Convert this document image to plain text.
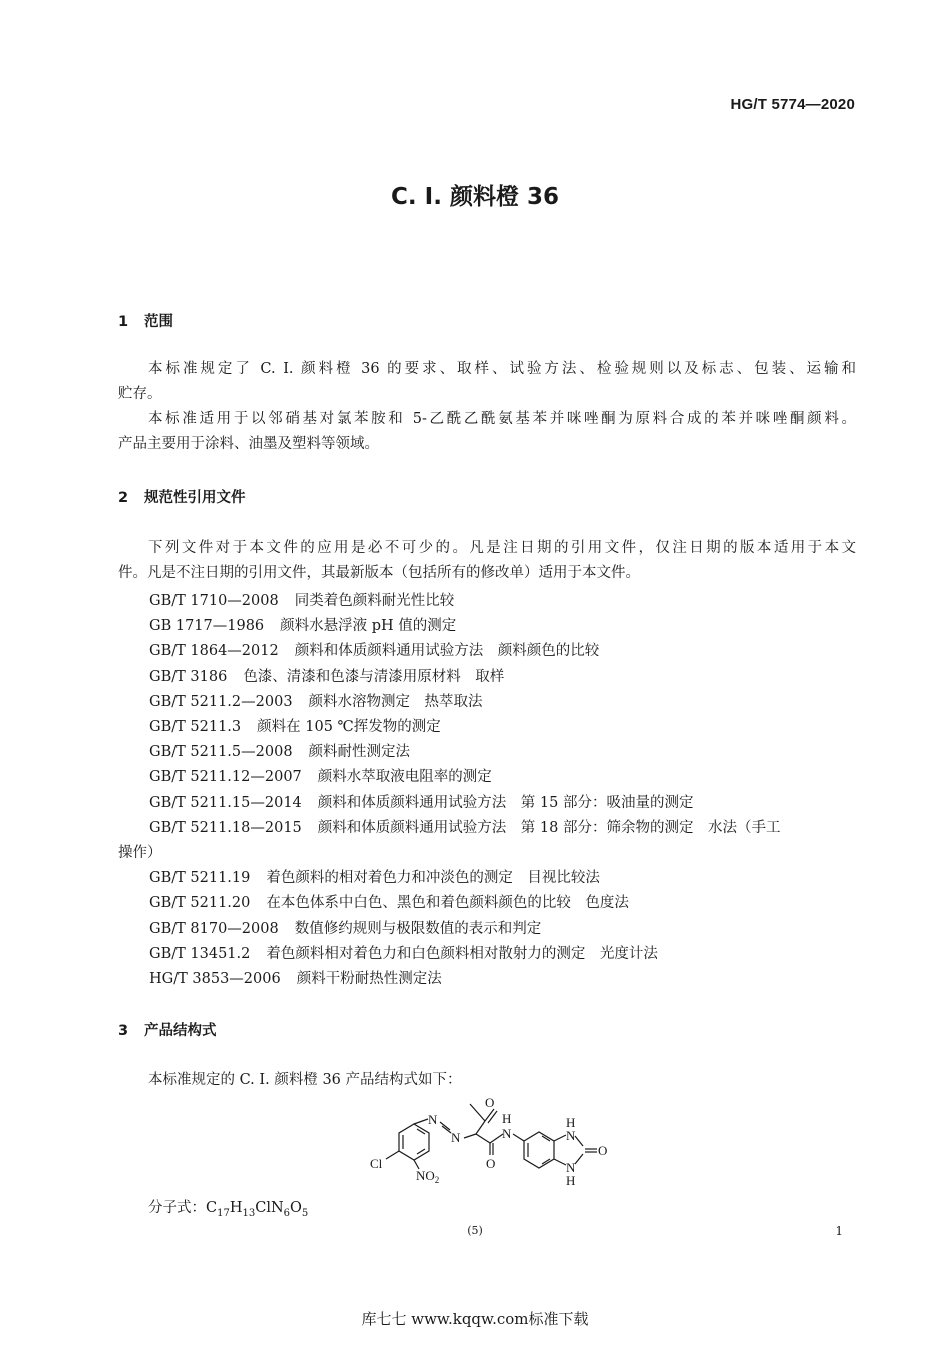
HG/T 5774—2020
C. I. 颜料橙 36
1 范围
本标准规定了 C. I. 颜料橙 36 的要求、取样、试验方法、检验规则以及标志、包装、运输和
贮存。
本标准适用于以邻硝基对氯苯胺和 5-乙酰乙酰氨基苯并咪唑酮为原料合成的苯并咪唑酮颜料。
产品主要用于涂料、油墨及塑料等领域。
2 规范性引用文件
下列文件对于本文件的应用是必不可少的。凡是注日期的引用文件，仅注日期的版本适用于本文
件。凡是不注日期的引用文件，其最新版本（包括所有的修改单）适用于本文件。
GB/T 1710—2008 同类着色颜料耐光性比较
GB 1717—1986 颜料水悬浮液 pH 值的测定
GB/T 1864—2012 颜料和体质颜料通用试验方法　颜料颜色的比较
GB/T 3186 色漆、清漆和色漆与清漆用原材料　取样
GB/T 5211.2—2003 颜料水溶物测定　热萃取法
GB/T 5211.3 颜料在 105 ℃挥发物的测定
GB/T 5211.5—2008 颜料耐性测定法
GB/T 5211.12—2007 颜料水萃取液电阻率的测定
GB/T 5211.15—2014 颜料和体质颜料通用试验方法　第 15 部分：吸油量的测定
GB/T 5211.18—2015 颜料和体质颜料通用试验方法　第 18 部分：筛余物的测定　水法（手工
操作）
GB/T 5211.19 着色颜料的相对着色力和冲淡色的测定　目视比较法
GB/T 5211.20 在本色体系中白色、黑色和着色颜料颜色的比较　色度法
GB/T 8170—2008 数值修约规则与极限数值的表示和判定
GB/T 13451.2 着色颜料相对着色力和白色颜料相对散射力的测定　光度计法
HG/T 3853—2006 颜料干粉耐热性测定法
3 产品结构式
本标准规定的 C. I. 颜料橙 36 产品结构式如下：
O
N
N
H
N
O
Cl
$NO_2$
H
N
O
N
H
分子式：$C_{17}H_{13}ClN_6O_5$
(5)	1
库七七 www.kqqw.com标准下载
